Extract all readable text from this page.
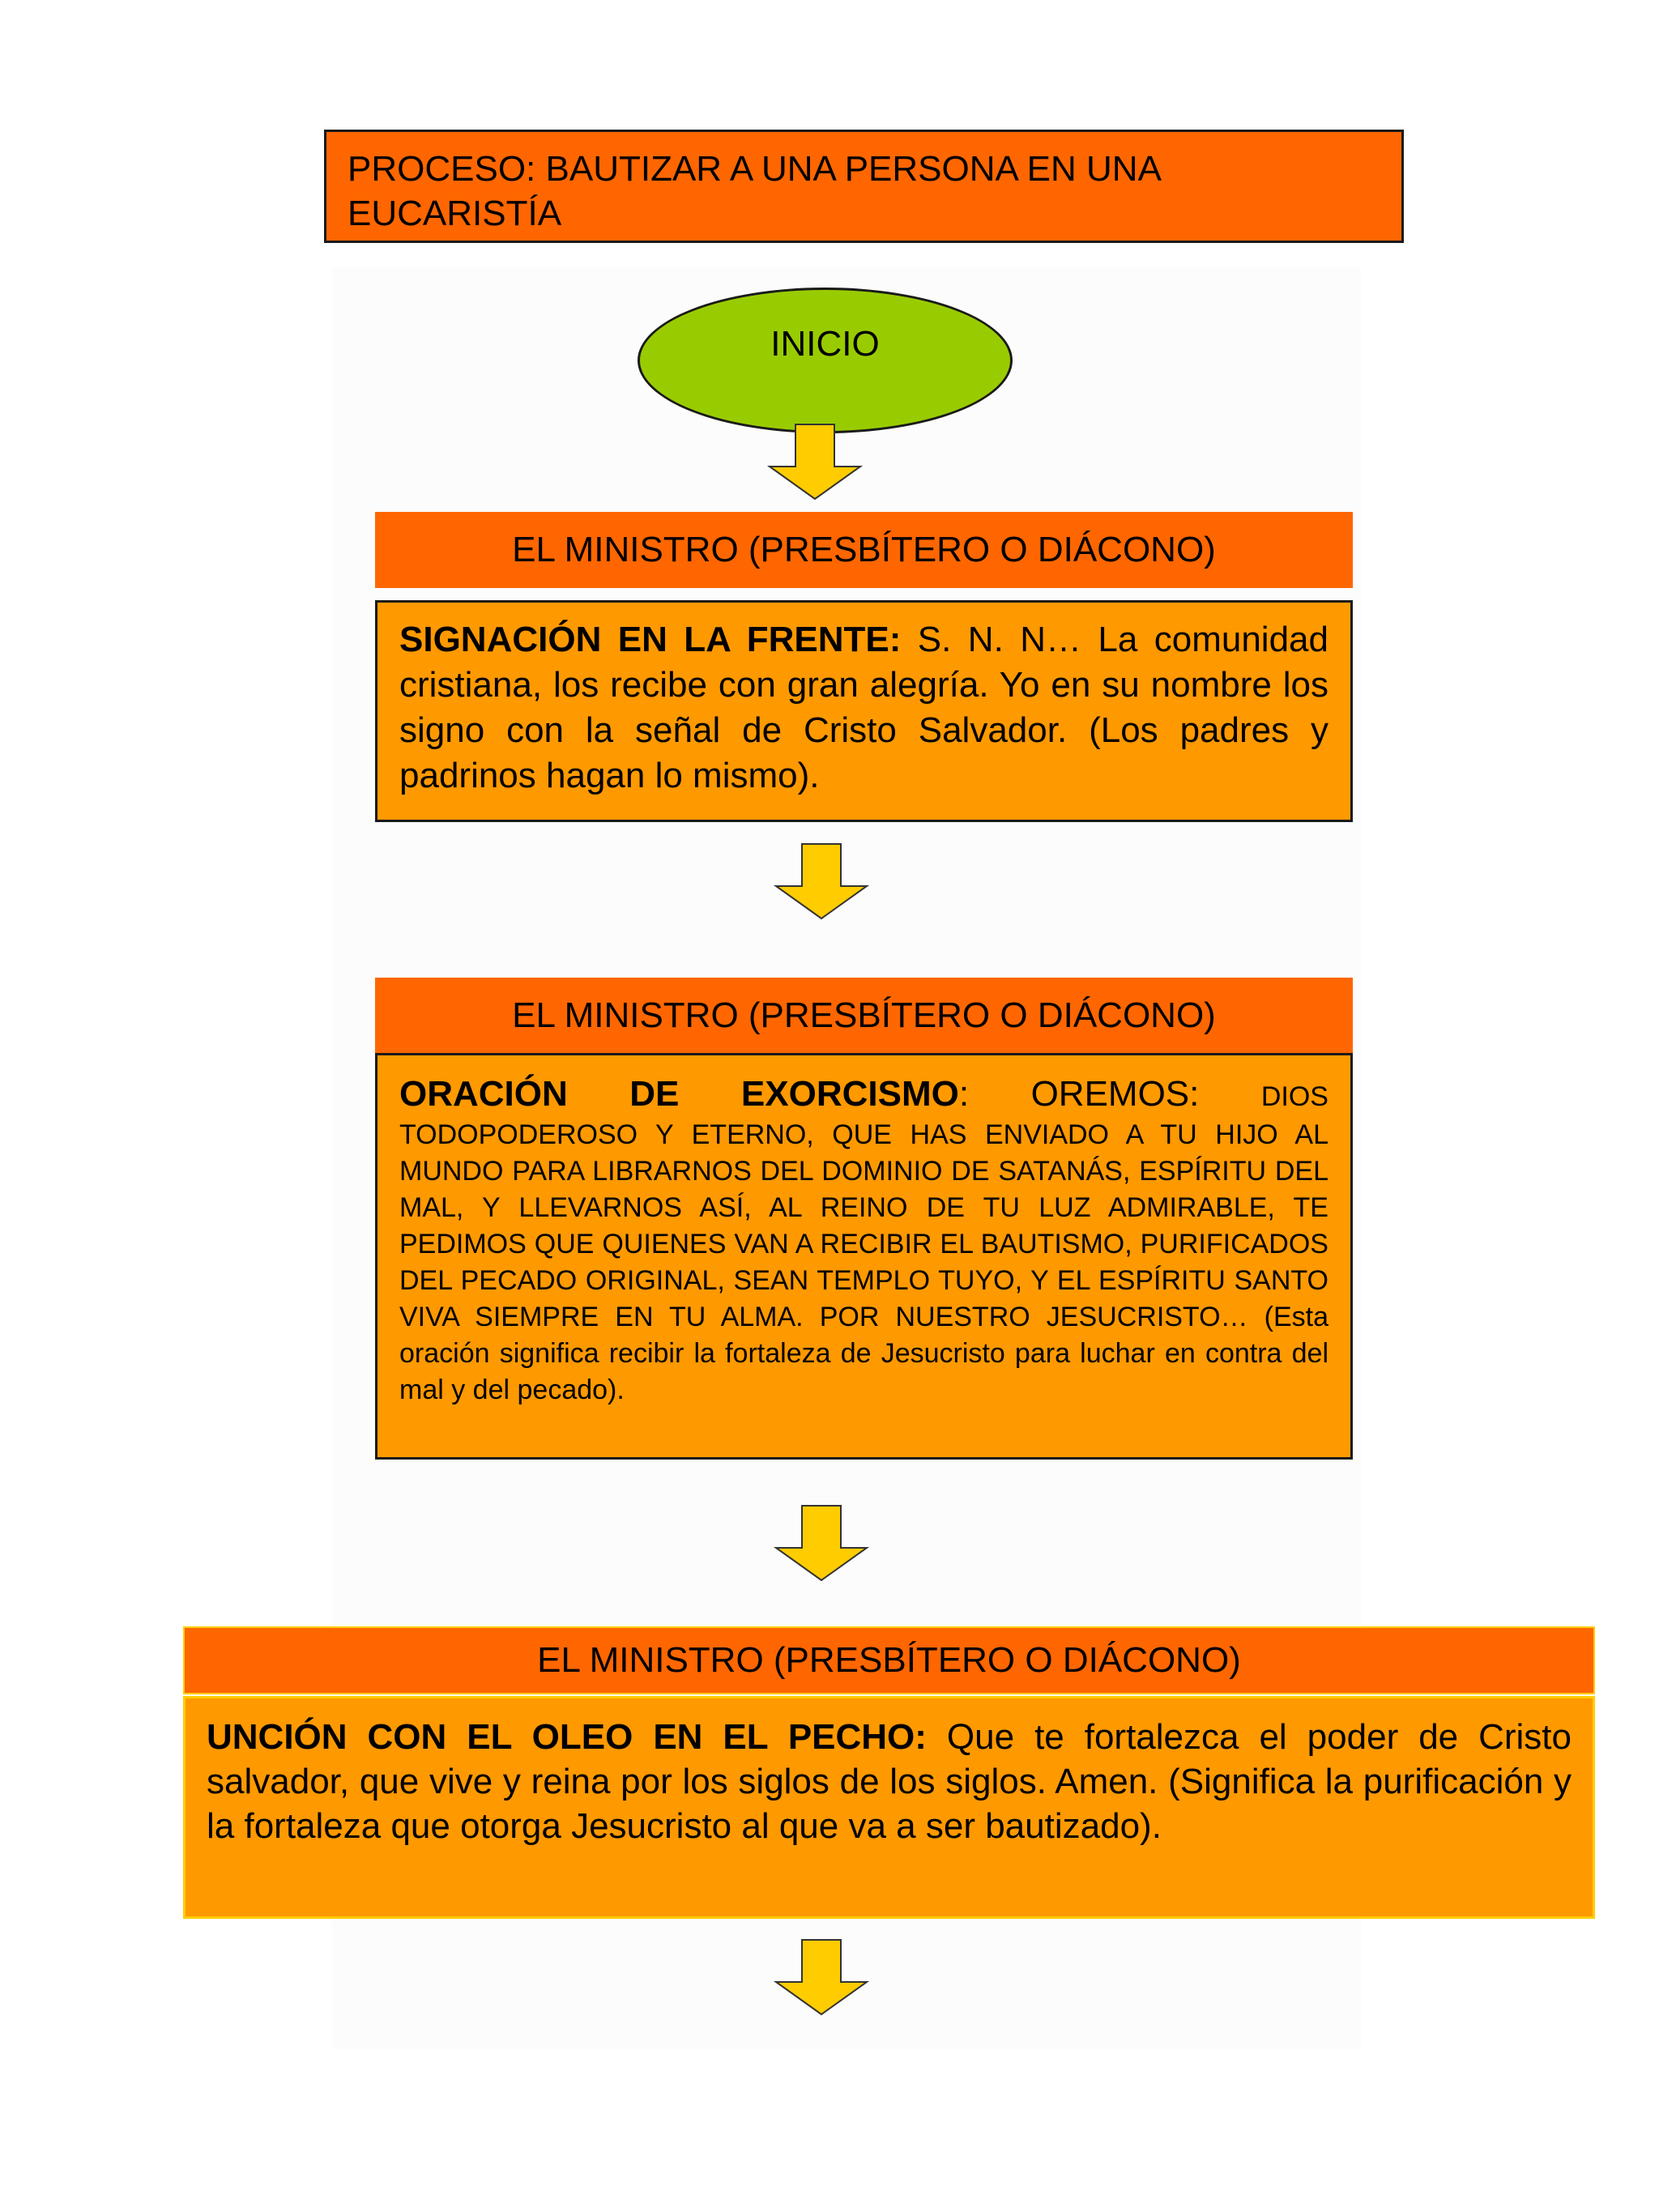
PROCESO: BAUTIZAR A UNA PERSONA EN UNA EUCARISTÍA
INICIO
EL MINISTRO (PRESBÍTERO O DIÁCONO)
SIGNACIÓN EN LA FRENTE: S. N. N… La comunidad cristiana, los recibe con gran alegría. Yo en su nombre los signo con la señal de Cristo Salvador. (Los padres y padrinos hagan lo mismo).
EL MINISTRO (PRESBÍTERO O DIÁCONO)
ORACIÓN DE EXORCISMO: OREMOS: DIOS
TODOPODEROSO Y ETERNO, QUE HAS ENVIADO A TU HIJO AL MUNDO PARA LIBRARNOS DEL DOMINIO DE SATANÁS, ESPÍRITU DEL MAL, Y LLEVARNOS ASÍ, AL REINO DE TU LUZ ADMIRABLE, TE PEDIMOS QUE QUIENES VAN A RECIBIR EL BAUTISMO, PURIFICADOS DEL PECADO ORIGINAL, SEAN TEMPLO TUYO, Y EL ESPÍRITU SANTO VIVA SIEMPRE EN TU ALMA. POR NUESTRO JESUCRISTO… (Esta oración significa recibir la fortaleza de Jesucristo para luchar en contra del mal y del pecado).
EL MINISTRO (PRESBÍTERO O DIÁCONO)
UNCIÓN CON EL OLEO EN EL PECHO: Que te fortalezca el poder de Cristo salvador, que vive y reina por los siglos de los siglos. Amen. (Significa la purificación y la fortaleza que otorga Jesucristo al que va a ser bautizado).
